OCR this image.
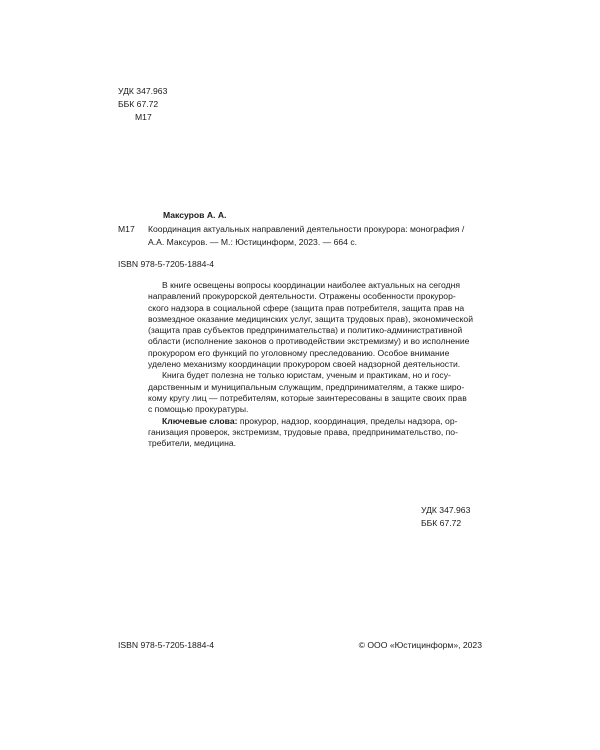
УДК 347.963

ББК 67.72

М17

Максуров А. А.

М17 Координация актуальных направлений деятельности прокурора: монография /

А.А. Максуров. — М.: Юстицинформ, 2023. — 664 с.

ISBN 978-5-7205-1884-4

В книге освещены вопросы координации наиболее актуальных на сегодня
направлений прокурорской деятельности. Отражены особенности прокурор-
ского надзора в социальной сфере (защита прав потребителя, защита прав на
возмездное оказание медицинских услуг, защита трудовых прав), экономической
(защита прав субъектов предпринимательства) и политико-административной
области (исполнение законов о противодействии экстремизму) и во исполнение
прокурором его функций по уголовному преследованию. Особое внимание
уделено механизму координации прокурором своей надзорной деятельности.
Книга будет полезна не только юристам, ученым и практикам, но и госу-
дарственным и муниципальным служащим, предпринимателям, а также широ-
кому кругу лиц — потребителям, которые заинтересованы в защите своих прав
с помощью прокуратуры.
Ключевые слова: прокурор, надзор, координация, пределы надзора, ор-
ганизация проверок, экстремизм, трудовые права, предпринимательство, по-
требители, медицина.

УДК 347.963

ББК 67.72

ISBN 978-5-7205-1884-4	© ООО «Юстицинформ», 2023
